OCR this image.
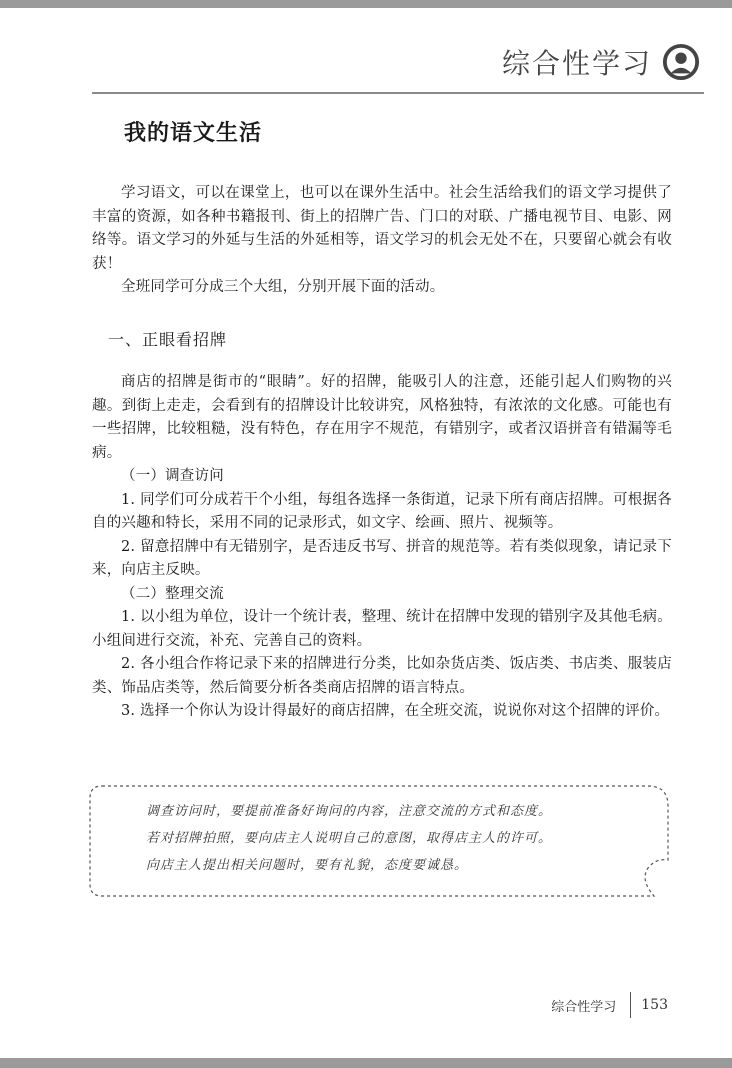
综合性学习
我的语文生活

学习语文，可以在课堂上，也可以在课外生活中。社会生活给我们的语文学习提供了丰富的资源，如各种书籍报刊、街上的招牌广告、门口的对联、广播电视节目、电影、网络等。语文学习的外延与生活的外延相等，语文学习的机会无处不在，只要留心就会有收获！

全班同学可分成三个大组，分别开展下面的活动。

一、正眼看招牌

商店的招牌是街市的“眼睛”。好的招牌，能吸引人的注意，还能引起人们购物的兴趣。到街上走走，会看到有的招牌设计比较讲究，风格独特，有浓浓的文化感。可能也有一些招牌，比较粗糙，没有特色，存在用字不规范，有错别字，或者汉语拼音有错漏等毛病。

（一）调查访问

1. 同学们可分成若干个小组，每组各选择一条街道，记录下所有商店招牌。可根据各自的兴趣和特长，采用不同的记录形式，如文字、绘画、照片、视频等。

2. 留意招牌中有无错别字，是否违反书写、拼音的规范等。若有类似现象，请记录下来，向店主反映。

（二）整理交流

1. 以小组为单位，设计一个统计表，整理、统计在招牌中发现的错别字及其他毛病。小组间进行交流，补充、完善自己的资料。

2. 各小组合作将记录下来的招牌进行分类，比如杂货店类、饭店类、书店类、服装店类、饰品店类等，然后简要分析各类商店招牌的语言特点。

3. 选择一个你认为设计得最好的商店招牌，在全班交流，说说你对这个招牌的评价。

调查访问时，要提前准备好询问的内容，注意交流的方式和态度。
若对招牌拍照，要向店主人说明自己的意图，取得店主人的许可。
向店主人提出相关问题时，要有礼貌，态度要诚恳。
综合性学习 153
